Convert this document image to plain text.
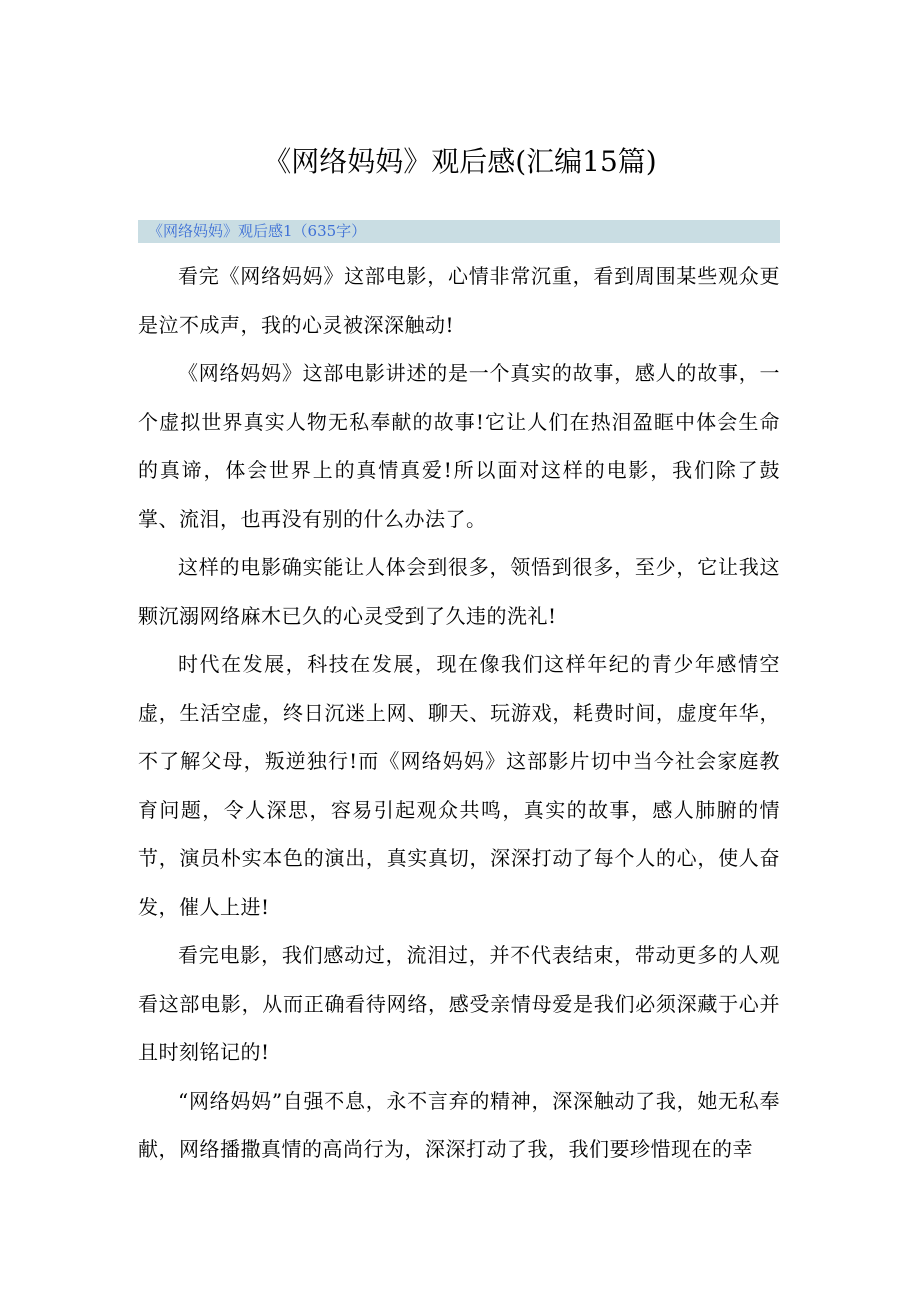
《网络妈妈》观后感(汇编15篇)
《网络妈妈》观后感1（635字）

看完《网络妈妈》这部电影，心情非常沉重，看到周围某些观众更是泣不成声，我的心灵被深深触动!

《网络妈妈》这部电影讲述的是一个真实的故事，感人的故事，一个虚拟世界真实人物无私奉献的故事!它让人们在热泪盈眶中体会生命的真谛，体会世界上的真情真爱!所以面对这样的电影，我们除了鼓掌、流泪，也再没有别的什么办法了。

这样的电影确实能让人体会到很多，领悟到很多，至少，它让我这颗沉溺网络麻木已久的心灵受到了久违的洗礼!

时代在发展，科技在发展，现在像我们这样年纪的青少年感情空虚，生活空虚，终日沉迷上网、聊天、玩游戏，耗费时间，虚度年华，不了解父母，叛逆独行!而《网络妈妈》这部影片切中当今社会家庭教育问题，令人深思，容易引起观众共鸣，真实的故事，感人肺腑的情节，演员朴实本色的演出，真实真切，深深打动了每个人的心，使人奋发，催人上进!

看完电影，我们感动过，流泪过，并不代表结束，带动更多的人观看这部电影，从而正确看待网络，感受亲情母爱是我们必须深藏于心并且时刻铭记的!

“网络妈妈”自强不息，永不言弃的精神，深深触动了我，她无私奉献，网络播撒真情的高尚行为，深深打动了我，我们要珍惜现在的幸
